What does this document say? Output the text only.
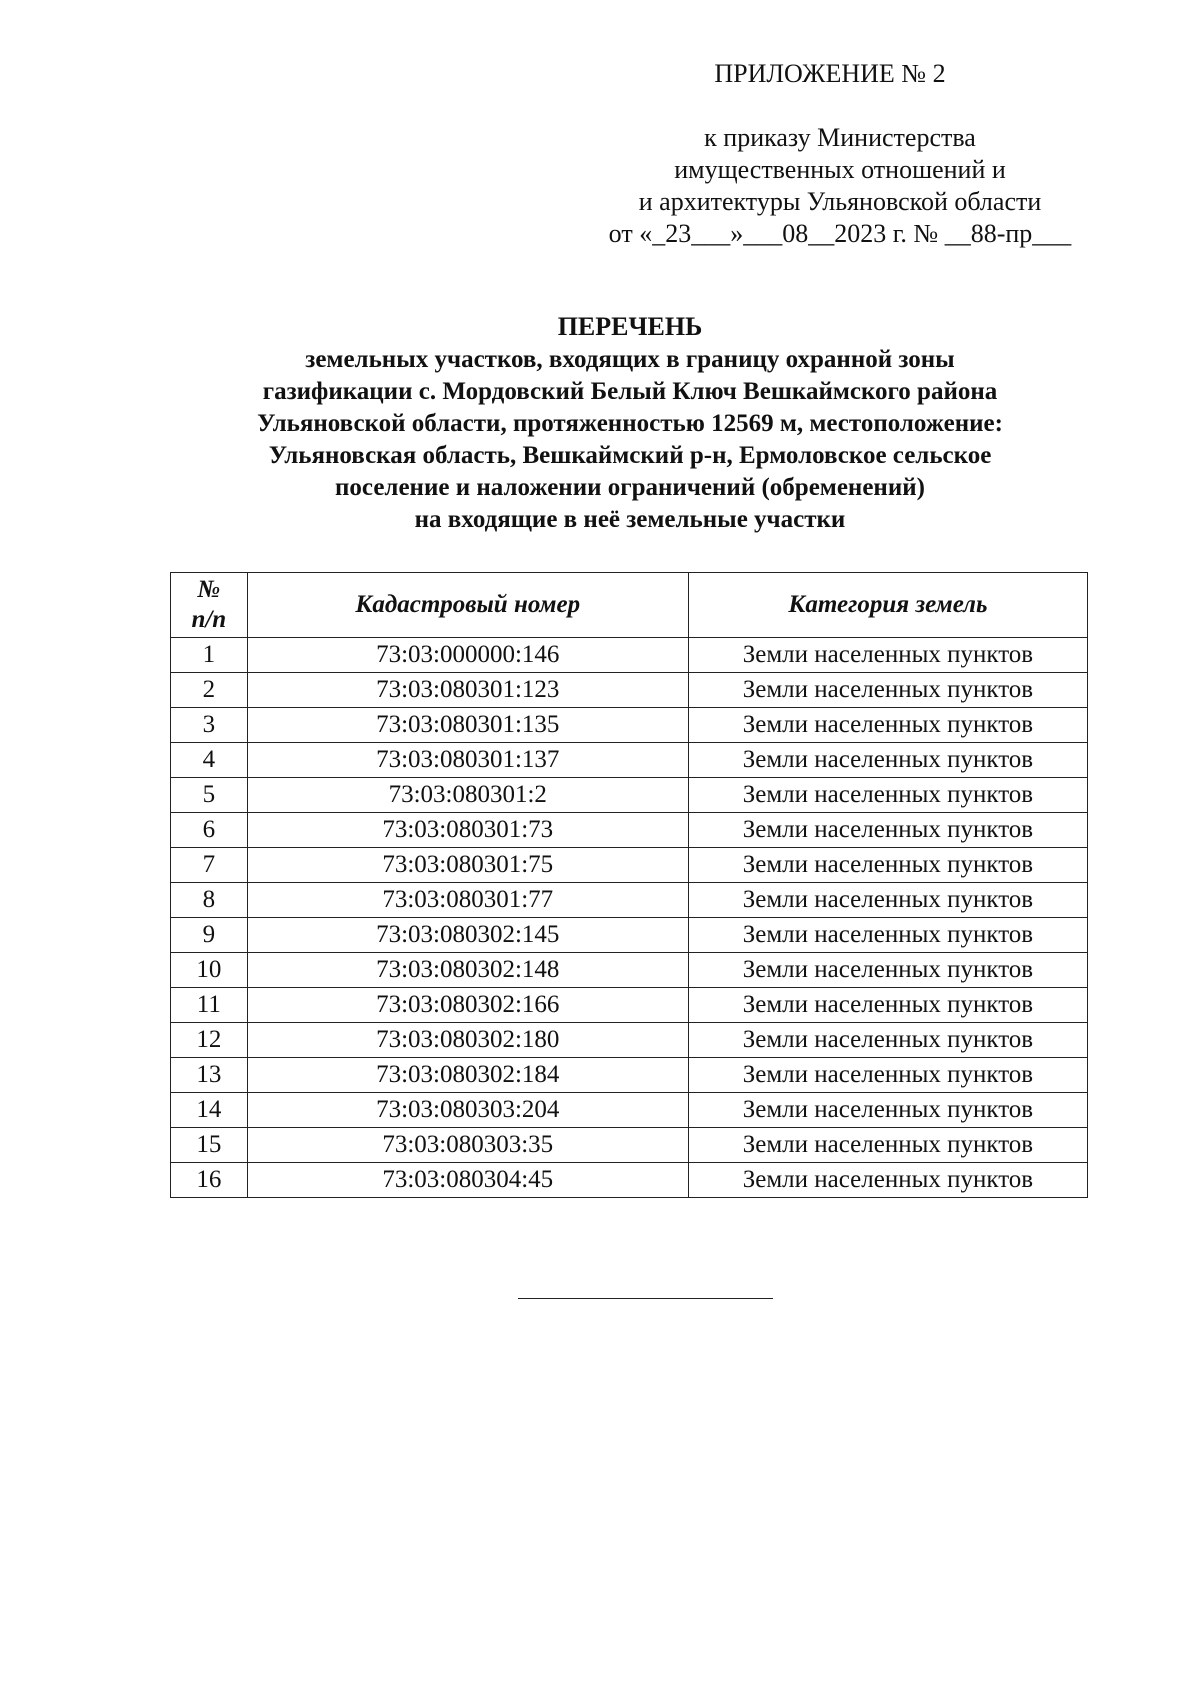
ПРИЛОЖЕНИЕ № 2
к приказу Министерства
имущественных отношений и
и архитектуры Ульяновской области
от «_23___»___08__2023 г. № __88-пр___
ПЕРЕЧЕНЬ
земельных участков, входящих в границу охранной зоны
газификации с. Мордовский Белый Ключ Вешкаймского района
Ульяновской области, протяженностью 12569 м, местоположение:
Ульяновская область, Вешкаймский р-н, Ермоловское сельское
поселение и наложении ограничений (обременений)
на входящие в неё земельные участки
№
п/п	Кадастровый номер	Категория земель
1	73:03:000000:146	Земли населенных пунктов
2	73:03:080301:123	Земли населенных пунктов
3	73:03:080301:135	Земли населенных пунктов
4	73:03:080301:137	Земли населенных пунктов
5	73:03:080301:2	Земли населенных пунктов
6	73:03:080301:73	Земли населенных пунктов
7	73:03:080301:75	Земли населенных пунктов
8	73:03:080301:77	Земли населенных пунктов
9	73:03:080302:145	Земли населенных пунктов
10	73:03:080302:148	Земли населенных пунктов
11	73:03:080302:166	Земли населенных пунктов
12	73:03:080302:180	Земли населенных пунктов
13	73:03:080302:184	Земли населенных пунктов
14	73:03:080303:204	Земли населенных пунктов
15	73:03:080303:35	Земли населенных пунктов
16	73:03:080304:45	Земли населенных пунктов
